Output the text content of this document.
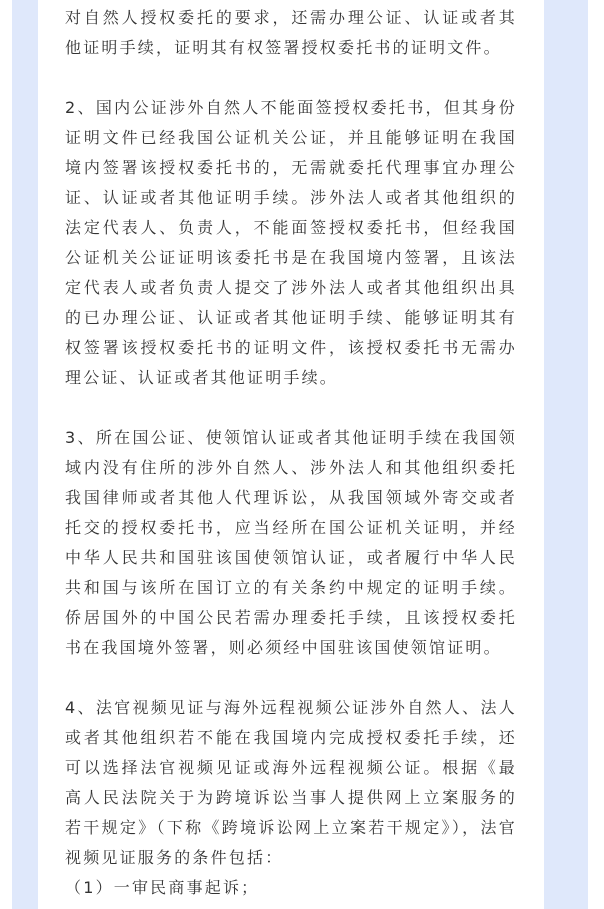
对自然人授权委托的要求，还需办理公证、认证或者其他证明手续，证明其有权签署授权委托书的证明文件。

2、国内公证涉外自然人不能面签授权委托书，但其身份证明文件已经我国公证机关公证，并且能够证明在我国境内签署该授权委托书的，无需就委托代理事宜办理公证、认证或者其他证明手续。涉外法人或者其他组织的法定代表人、负责人，不能面签授权委托书，但经我国公证机关公证证明该委托书是在我国境内签署，且该法定代表人或者负责人提交了涉外法人或者其他组织出具的已办理公证、认证或者其他证明手续、能够证明其有权签署该授权委托书的证明文件，该授权委托书无需办理公证、认证或者其他证明手续。

3、所在国公证、使领馆认证或者其他证明手续在我国领域内没有住所的涉外自然人、涉外法人和其他组织委托我国律师或者其他人代理诉讼，从我国领域外寄交或者托交的授权委托书，应当经所在国公证机关证明，并经中华人民共和国驻该国使领馆认证，或者履行中华人民共和国与该所在国订立的有关条约中规定的证明手续。侨居国外的中国公民若需办理委托手续，且该授权委托书在我国境外签署，则必须经中国驻该国使领馆证明。

4、法官视频见证与海外远程视频公证涉外自然人、法人或者其他组织若不能在我国境内完成授权委托手续，还可以选择法官视频见证或海外远程视频公证。根据《最高人民法院关于为跨境诉讼当事人提供网上立案服务的若干规定》（下称《跨境诉讼网上立案若干规定》），法官视频见证服务的条件包括：

（1）一审民商事起诉；
